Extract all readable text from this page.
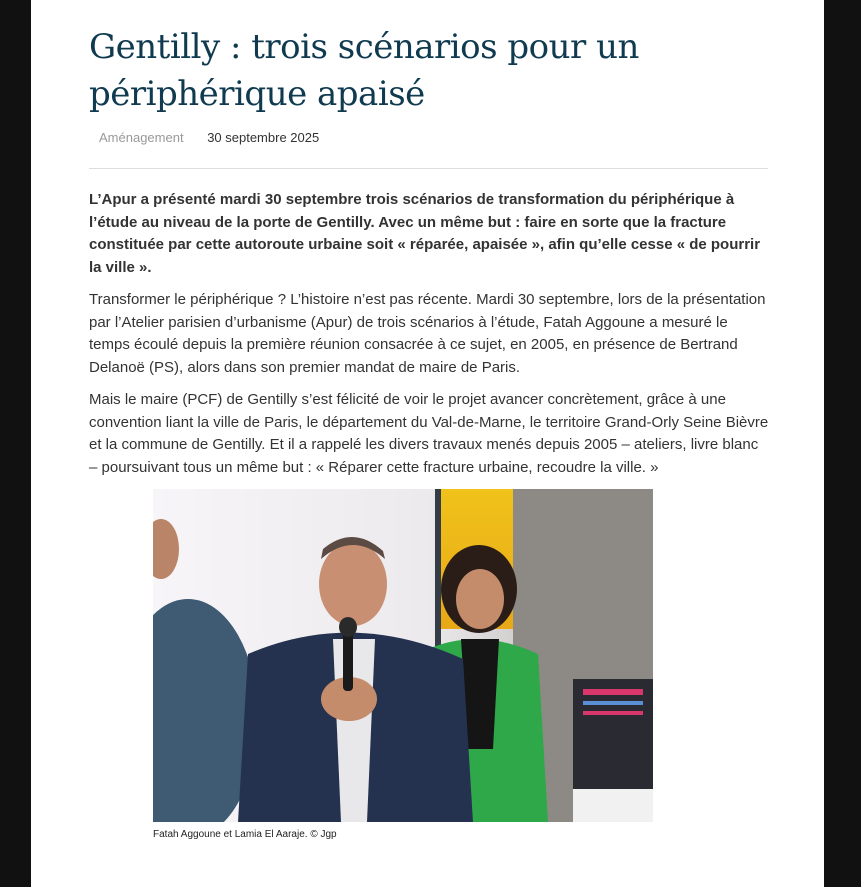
Gentilly : trois scénarios pour un périphérique apaisé
Aménagement 30 septembre 2025

L’Apur a présenté mardi 30 septembre trois scénarios de transformation du périphérique à l’étude au niveau de la porte de Gentilly. Avec un même but : faire en sorte que la fracture constituée par cette autoroute urbaine soit « réparée, apaisée », afin qu’elle cesse « de pourrir la ville ».

Transformer le périphérique ? L’histoire n’est pas récente. Mardi 30 septembre, lors de la présentation par l’Atelier parisien d’urbanisme (Apur) de trois scénarios à l’étude, Fatah Aggoune a mesuré le temps écoulé depuis la première réunion consacrée à ce sujet, en 2005, en présence de Bertrand Delanoë (PS), alors dans son premier mandat de maire de Paris.

Mais le maire (PCF) de Gentilly s’est félicité de voir le projet avancer concrètement, grâce à une convention liant la ville de Paris, le département du Val-de-Marne, le territoire Grand-Orly Seine Bièvre et la commune de Gentilly. Et il a rappelé les divers travaux menés depuis 2005 – ateliers, livre blanc – poursuivant tous un même but : « Réparer cette fracture urbaine, recoudre la ville. »

Fatah Aggoune et Lamia El Aaraje. © Jgp
